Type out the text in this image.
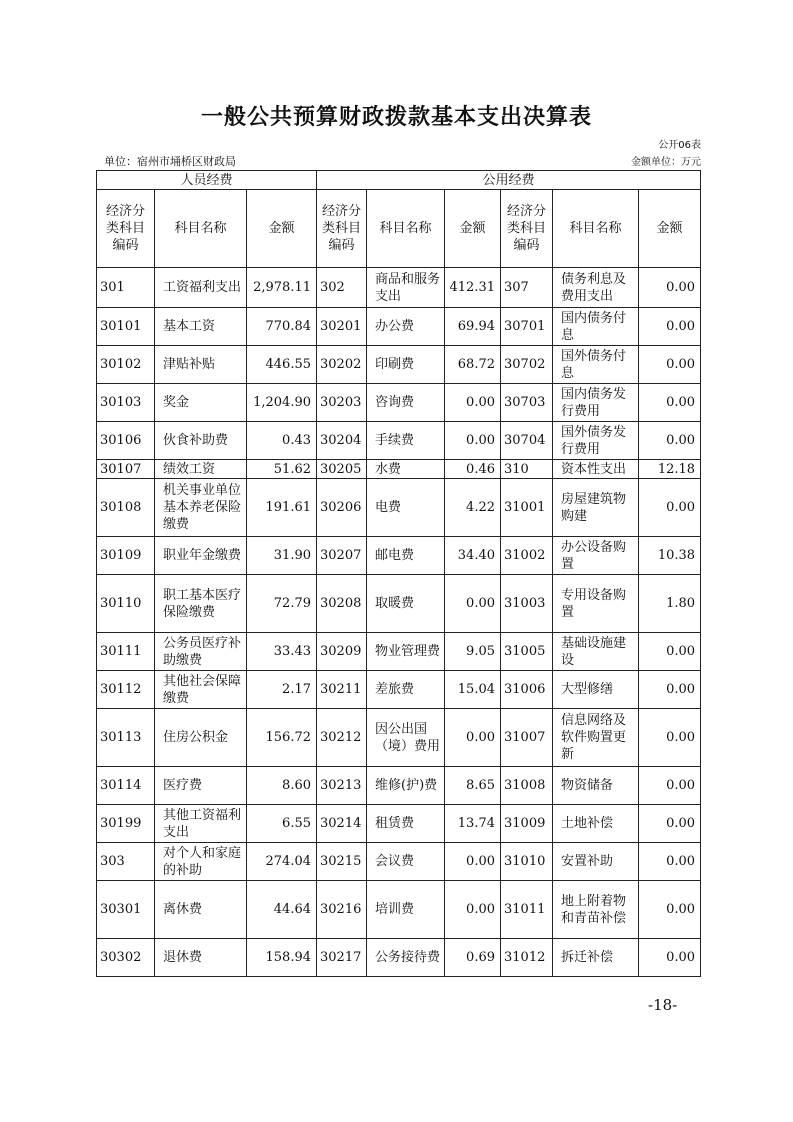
一般公共预算财政拨款基本支出决算表
公开06表
单位：宿州市埇桥区财政局	金额单位：万元
人员经费			公用经费					
经济分类科目编码	科目名称	金额	经济分类科目编码	科目名称	金额	经济分类科目编码	科目名称	金额
301	工资福利支出	2,978.11	302	商品和服务支出	412.31	307	债务利息及费用支出	0.00
30101	基本工资	770.84	30201	办公费	69.94	30701	国内债务付息	0.00
30102	津贴补贴	446.55	30202	印刷费	68.72	30702	国外债务付息	0.00
30103	奖金	1,204.90	30203	咨询费	0.00	30703	国内债务发行费用	0.00
30106	伙食补助费	0.43	30204	手续费	0.00	30704	国外债务发行费用	0.00
30107	绩效工资	51.62	30205	水费	0.46	310	资本性支出	12.18
30108	机关事业单位基本养老保险缴费	191.61	30206	电费	4.22	31001	房屋建筑物购建	0.00
30109	职业年金缴费	31.90	30207	邮电费	34.40	31002	办公设备购置	10.38
30110	职工基本医疗保险缴费	72.79	30208	取暖费	0.00	31003	专用设备购置	1.80
30111	公务员医疗补助缴费	33.43	30209	物业管理费	9.05	31005	基础设施建设	0.00
30112	其他社会保障缴费	2.17	30211	差旅费	15.04	31006	大型修缮	0.00
30113	住房公积金	156.72	30212	因公出国（境）费用	0.00	31007	信息网络及软件购置更新	0.00
30114	医疗费	8.60	30213	维修(护)费	8.65	31008	物资储备	0.00
30199	其他工资福利支出	6.55	30214	租赁费	13.74	31009	土地补偿	0.00
303	对个人和家庭的补助	274.04	30215	会议费	0.00	31010	安置补助	0.00
30301	离休费	44.64	30216	培训费	0.00	31011	地上附着物和青苗补偿	0.00
30302	退休费	158.94	30217	公务接待费	0.69	31012	拆迁补偿	0.00
-18-
